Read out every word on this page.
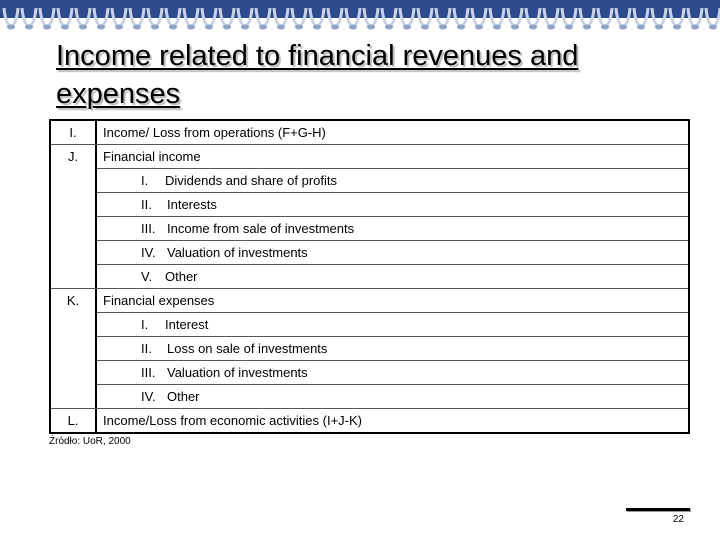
Income related to financial revenues and expenses
I.	Income/ Loss from operations (F+G-H)
J.	Financial income
I. Dividends and share of profits
II. Interests
III. Income from sale of investments
IV. Valuation of investments
V. Other
K.	Financial expenses
I. Interest
II. Loss on sale of investments
III. Valuation of investments
IV. Other
L.	Income/Loss from economic activities (I+J-K)
Źródło: UoR, 2000
22
